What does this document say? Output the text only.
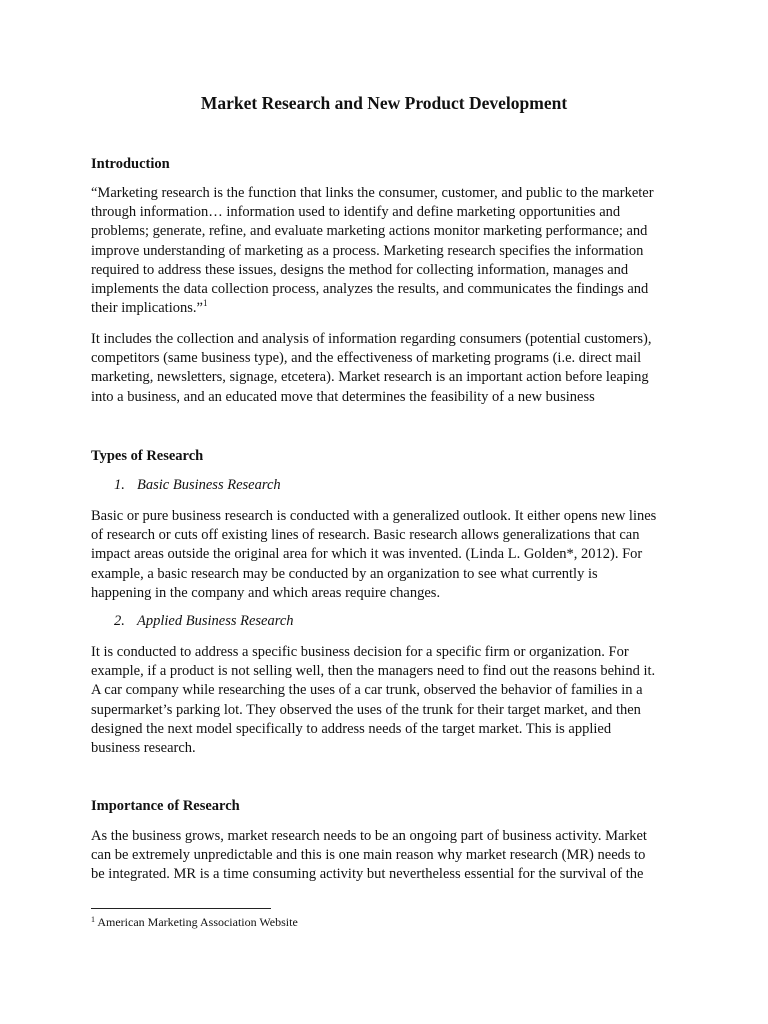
Market Research and New Product Development
Introduction

“Marketing research is the function that links the consumer, customer, and public to the marketer
through information… information used to identify and define marketing opportunities and
problems; generate, refine, and evaluate marketing actions monitor marketing performance; and
improve understanding of marketing as a process. Marketing research specifies the information
required to address these issues, designs the method for collecting information, manages and
implements the data collection process, analyzes the results, and communicates the findings and
their implications.”$^1$

It includes the collection and analysis of information regarding consumers (potential customers),
competitors (same business type), and the effectiveness of marketing programs (i.e. direct mail
marketing, newsletters, signage, etcetera). Market research is an important action before leaping
into a business, and an educated move that determines the feasibility of a new business

Types of Research
1. Basic Business Research

Basic or pure business research is conducted with a generalized outlook. It either opens new lines
of research or cuts off existing lines of research. Basic research allows generalizations that can
impact areas outside the original area for which it was invented. (Linda L. Golden*, 2012). For
example, a basic research may be conducted by an organization to see what currently is
happening in the company and which areas require changes.

2. Applied Business Research

It is conducted to address a specific business decision for a specific firm or organization. For
example, if a product is not selling well, then the managers need to find out the reasons behind it.
A car company while researching the uses of a car trunk, observed the behavior of families in a
supermarket’s parking lot. They observed the uses of the trunk for their target market, and then
designed the next model specifically to address needs of the target market. This is applied
business research.

Importance of Research

As the business grows, market research needs to be an ongoing part of business activity. Market
can be extremely unpredictable and this is one main reason why market research (MR) needs to
be integrated. MR is a time consuming activity but nevertheless essential for the survival of the

$^1$ American Marketing Association Website
